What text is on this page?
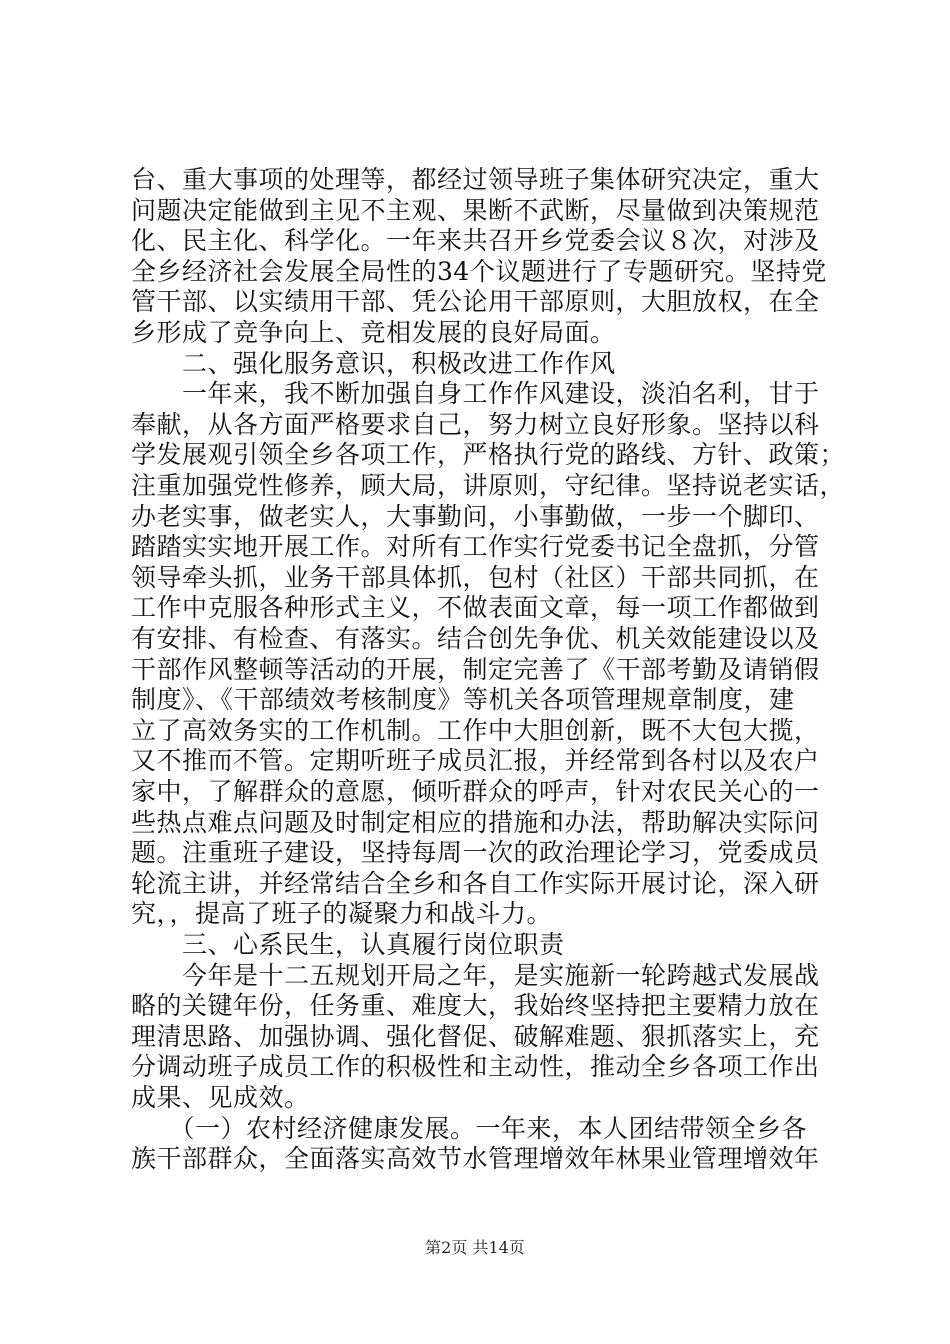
台、重大事项的处理等，都经过领导班子集体研究决定，重大
问题决定能做到主见不主观、果断不武断，尽量做到决策规范
化、民主化、科学化。一年来共召开乡党委会议８次，对涉及
全乡经济社会发展全局性的34个议题进行了专题研究。坚持党
管干部、以实绩用干部、凭公论用干部原则，大胆放权，在全
乡形成了竞争向上、竞相发展的良好局面。
　　二、强化服务意识，积极改进工作作风
　　一年来，我不断加强自身工作作风建设，淡泊名利，甘于
奉献，从各方面严格要求自己，努力树立良好形象。坚持以科
学发展观引领全乡各项工作，严格执行党的路线、方针、政策；
注重加强党性修养，顾大局，讲原则，守纪律。坚持说老实话，
办老实事，做老实人，大事勤问，小事勤做，一步一个脚印、
踏踏实实地开展工作。对所有工作实行党委书记全盘抓，分管
领导牵头抓，业务干部具体抓，包村（社区）干部共同抓，在
工作中克服各种形式主义，不做表面文章，每一项工作都做到
有安排、有检查、有落实。结合创先争优、机关效能建设以及
干部作风整顿等活动的开展，制定完善了《干部考勤及请销假
制度》、《干部绩效考核制度》等机关各项管理规章制度，建
立了高效务实的工作机制。工作中大胆创新，既不大包大揽，
又不推而不管。定期听班子成员汇报，并经常到各村以及农户
家中，了解群众的意愿，倾听群众的呼声，针对农民关心的一
些热点难点问题及时制定相应的措施和办法，帮助解决实际问
题。注重班子建设，坚持每周一次的政治理论学习，党委成员
轮流主讲，并经常结合全乡和各自工作实际开展讨论，深入研
究，，提高了班子的凝聚力和战斗力。
　　三、心系民生，认真履行岗位职责
　　今年是十二五规划开局之年，是实施新一轮跨越式发展战
略的关键年份，任务重、难度大，我始终坚持把主要精力放在
理清思路、加强协调、强化督促、破解难题、狠抓落实上，充
分调动班子成员工作的积极性和主动性，推动全乡各项工作出
成果、见成效。
　　（一）农村经济健康发展。一年来，本人团结带领全乡各
族干部群众，全面落实高效节水管理增效年林果业管理增效年
第2页 共14页
